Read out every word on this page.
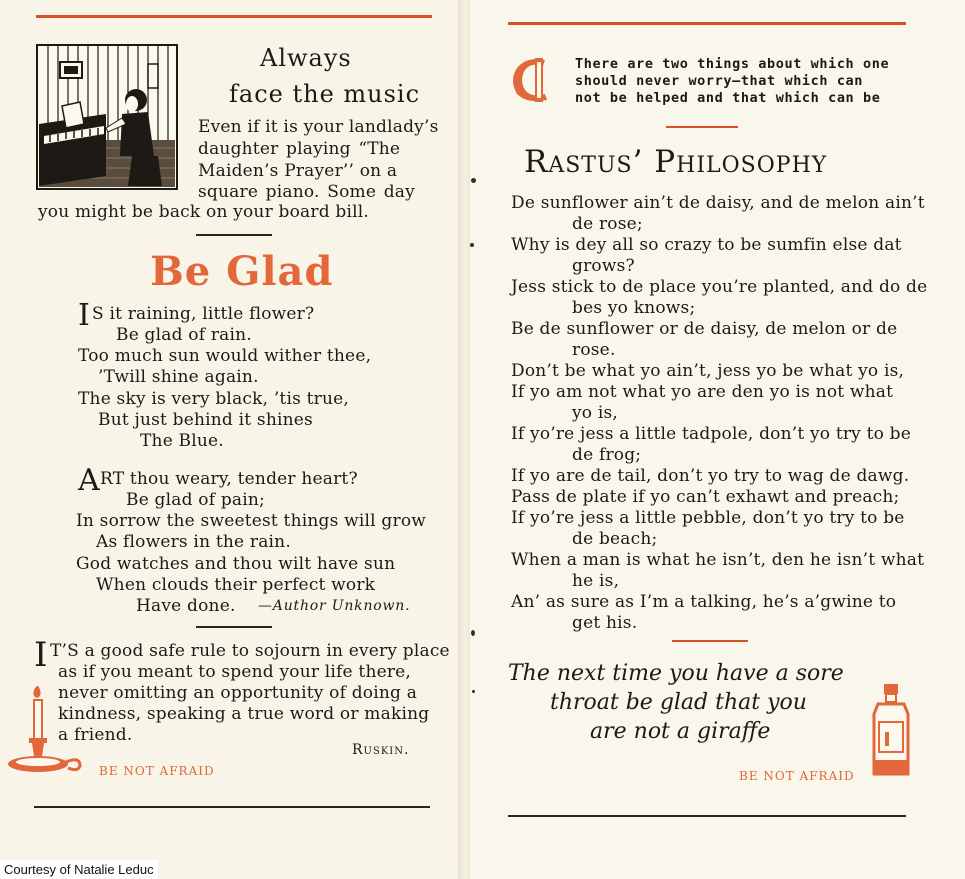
Always
face the music
Even if it is your landlady’s
daughter playing “The
Maiden’s Prayer’’ on a
square piano. Some day
you might be back on your board bill.
Be Glad
I S it raining, little flower?
Be glad of rain.
Too much sun would wither thee,
’Twill shine again.
The sky is very black, ’tis true,
But just behind it shines
The Blue.
A RT thou weary, tender heart?
Be glad of pain;
In sorrow the sweetest things will grow
As flowers in the rain.
God watches and thou wilt have sun
When clouds their perfect work
Have done. —Author Unknown.
I T’S a good safe rule to sojourn in every place
as if you meant to spend your life there,
never omitting an opportunity of doing a
kindness, speaking a true word or making
a friend.
Ruskin.
BE NOT AFRAID
There are two things about which one
should never worry—that which can
not be helped and that which can be
Rastus’ Philosophy
De sunflower ain’t de daisy, and de melon ain’t
de rose;
Why is dey all so crazy to be sumfin else dat
grows?
Jess stick to de place you’re planted, and do de
bes yo knows;
Be de sunflower or de daisy, de melon or de
rose.
Don’t be what yo ain’t, jess yo be what yo is,
If yo am not what yo are den yo is not what
yo is,
If yo’re jess a little tadpole, don’t yo try to be
de frog;
If yo are de tail, don’t yo try to wag de dawg.
Pass de plate if yo can’t exhawt and preach;
If yo’re jess a little pebble, don’t yo try to be
de beach;
When a man is what he isn’t, den he isn’t what
he is,
An’ as sure as I’m a talking, he’s a’gwine to
get his.
The next time you have a sore
throat be glad that you
are not a giraffe
BE NOT AFRAID
Courtesy of Natalie Leduc
